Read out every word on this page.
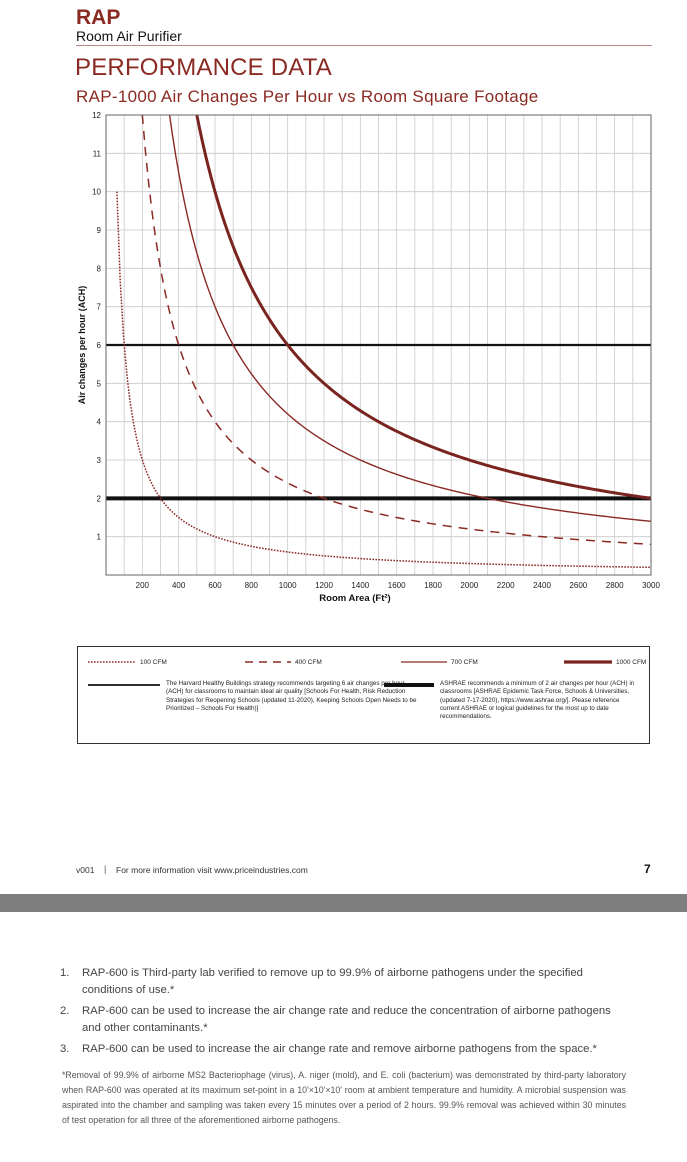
RAP
Room Air Purifier
PERFORMANCE DATA
RAP-1000 Air Changes Per Hour vs Room Square Footage
200	400	600	800	1000 1200 1400 1600 1800 2000 2200 2400 2600 2800 3000
1
2
3
4
5
6
7
8
9
10
11
12
Room Area (Ft²)
Air changes per hour (ACH)
100 CFM	400 CFM	700 CFM	1000 CFM
The Harvard Healthy Buildings strategy recommends targeting 6 air changes per hour (ACH) for classrooms to maintain ideal air quality [Schools For Health, Risk Reduction Strategies for Reopening Schools (updated 11-2020), Keeping Schools Open Needs to be Prioritized – Schools For Health)]
ASHRAE recommends a minimum of 2 air changes per hour (ACH) in classrooms [ASHRAE Epidemic Task Force, Schools & Universities, (updated 7-17-2020), https://www.ashrae.org/]. Please reference current ASHRAE or logical guidelines for the most up to date recommendations.
v001 | For more information visit www.priceindustries.com	7
1. RAP-600 is Third-party lab verified to remove up to 99.9% of airborne pathogens under the specified conditions of use.*
2. RAP-600 can be used to increase the air change rate and reduce the concentration of airborne pathogens and other contaminants.*
3. RAP-600 can be used to increase the air change rate and remove airborne pathogens from the space.*
*Removal of 99.9% of airborne MS2 Bacteriophage (virus), A. niger (mold), and E. coli (bacterium) was demonstrated by third-party laboratory when RAP-600 was operated at its maximum set-point in a 10'×10'×10' room at ambient temperature and humidity. A microbial suspension was aspirated into the chamber and sampling was taken every 15 minutes over a period of 2 hours. 99.9% removal was achieved within 30 minutes of test operation for all three of the aforementioned airborne pathogens.
